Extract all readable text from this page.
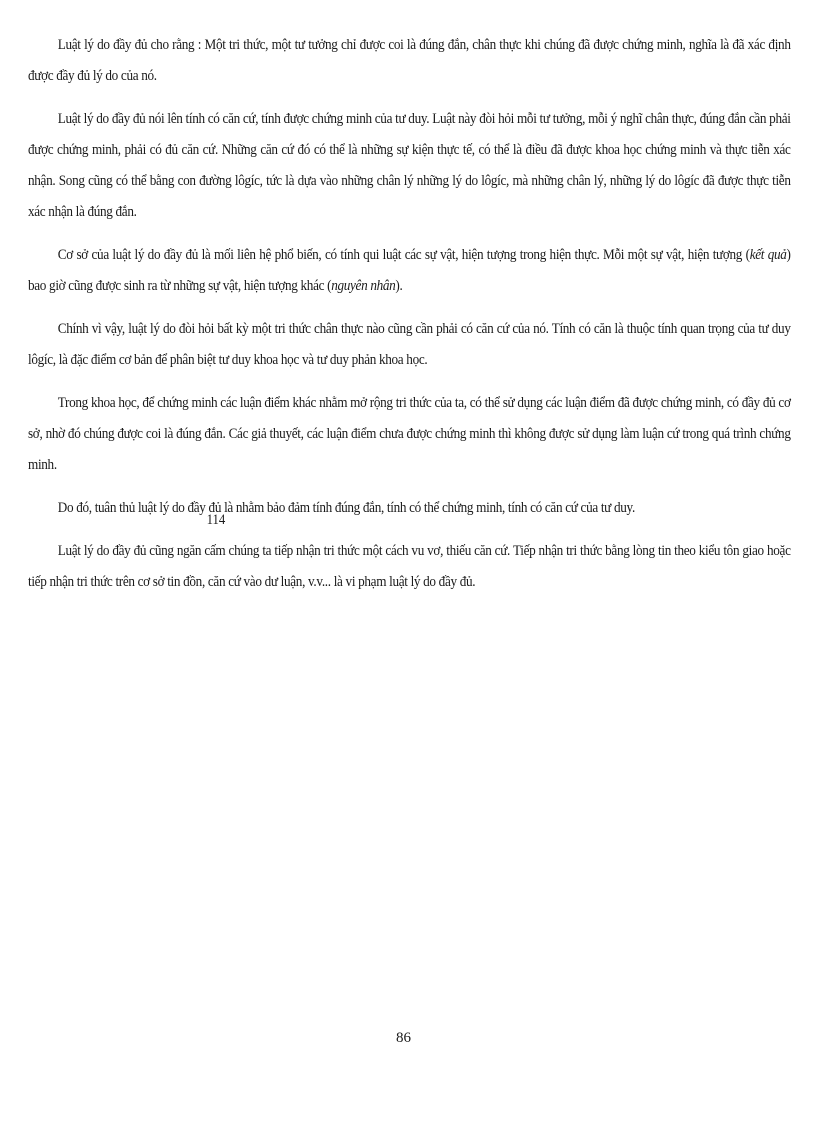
Luật lý do đầy đủ cho rằng : Một tri thức, một tư tưởng chỉ được coi là đúng đắn, chân thực khi chúng đã được chứng minh, nghĩa là đã xác định được đầy đủ lý do của nó.

Luật lý do đầy đủ nói lên tính có căn cứ, tính được chứng minh của tư duy. Luật này đòi hỏi mỗi tư tưởng, mỗi ý nghĩ chân thực, đúng đắn cần phải được chứng minh, phải có đủ căn cứ. Những căn cứ đó có thể là những sự kiện thực tế, có thể là điều đã được khoa học chứng minh và thực tiễn xác nhận. Song cũng có thể bằng con đường lôgíc, tức là dựa vào những chân lý những lý do lôgíc, mà những chân lý, những lý do lôgíc đã được thực tiễn xác nhận là đúng đắn.

Cơ sở của luật lý do đầy đủ là mối liên hệ phổ biến, có tính qui luật các sự vật, hiện tượng trong hiện thực. Mỗi một sự vật, hiện tượng (kết quả) bao giờ cũng được sinh ra từ những sự vật, hiện tượng khác (nguyên nhân).

Chính vì vậy, luật lý do đòi hỏi bất kỳ một tri thức chân thực nào cũng cần phải có căn cứ của nó. Tính có căn là thuộc tính quan trọng của tư duy lôgíc, là đặc điểm cơ bản để phân biệt tư duy khoa học và tư duy phản khoa học.

Trong khoa học, để chứng minh các luận điểm khác nhằm mở rộng tri thức của ta, có thể sử dụng các luận điểm đã được chứng minh, có đầy đủ cơ sở, nhờ đó chúng được coi là đúng đắn. Các giả thuyết, các luận điểm chưa được chứng minh thì không được sử dụng làm luận cứ trong quá trình chứng minh.

Do đó, tuân thủ luật lý do đầy đủ là nhằm bảo đảm tính đúng đắn, tính có thể chứng minh, tính có căn cứ của tư duy.

Luật lý do đầy đủ cũng ngăn cấm chúng ta tiếp nhận tri thức một cách vu vơ, thiếu căn cứ. Tiếp nhận tri thức bằng lòng tin theo kiểu tôn giao hoặc tiếp nhận tri thức trên cơ sở tin đồn, căn cứ vào dư luận, v.v... là vi phạm luật lý do đầy đủ.

114
86
